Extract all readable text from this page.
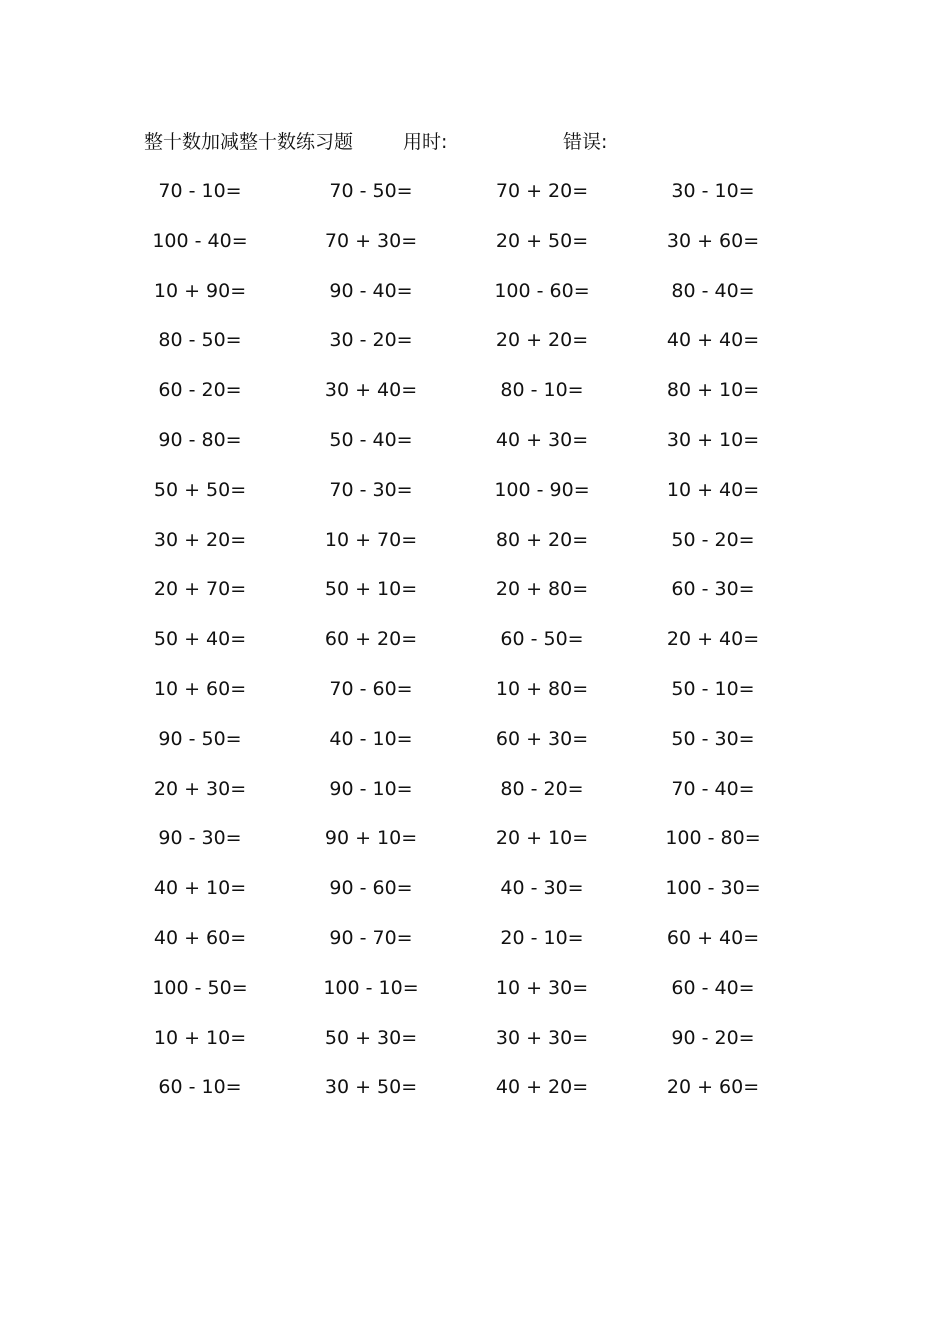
整十数加减整十数练习题	用时:	错误:
70 - 10=	70 - 50=	70 + 20=	30 - 10=
100 - 40=	70 + 30=	20 + 50=	30 + 60=
10 + 90=	90 - 40=	100 - 60=	80 - 40=
80 - 50=	30 - 20=	20 + 20=	40 + 40=
60 - 20=	30 + 40=	80 - 10=	80 + 10=
90 - 80=	50 - 40=	40 + 30=	30 + 10=
50 + 50=	70 - 30=	100 - 90=	10 + 40=
30 + 20=	10 + 70=	80 + 20=	50 - 20=
20 + 70=	50 + 10=	20 + 80=	60 - 30=
50 + 40=	60 + 20=	60 - 50=	20 + 40=
10 + 60=	70 - 60=	10 + 80=	50 - 10=
90 - 50=	40 - 10=	60 + 30=	50 - 30=
20 + 30=	90 - 10=	80 - 20=	70 - 40=
90 - 30=	90 + 10=	20 + 10=	100 - 80=
40 + 10=	90 - 60=	40 - 30=	100 - 30=
40 + 60=	90 - 70=	20 - 10=	60 + 40=
100 - 50=	100 - 10=	10 + 30=	60 - 40=
10 + 10=	50 + 30=	30 + 30=	90 - 20=
60 - 10=	30 + 50=	40 + 20=	20 + 60=
